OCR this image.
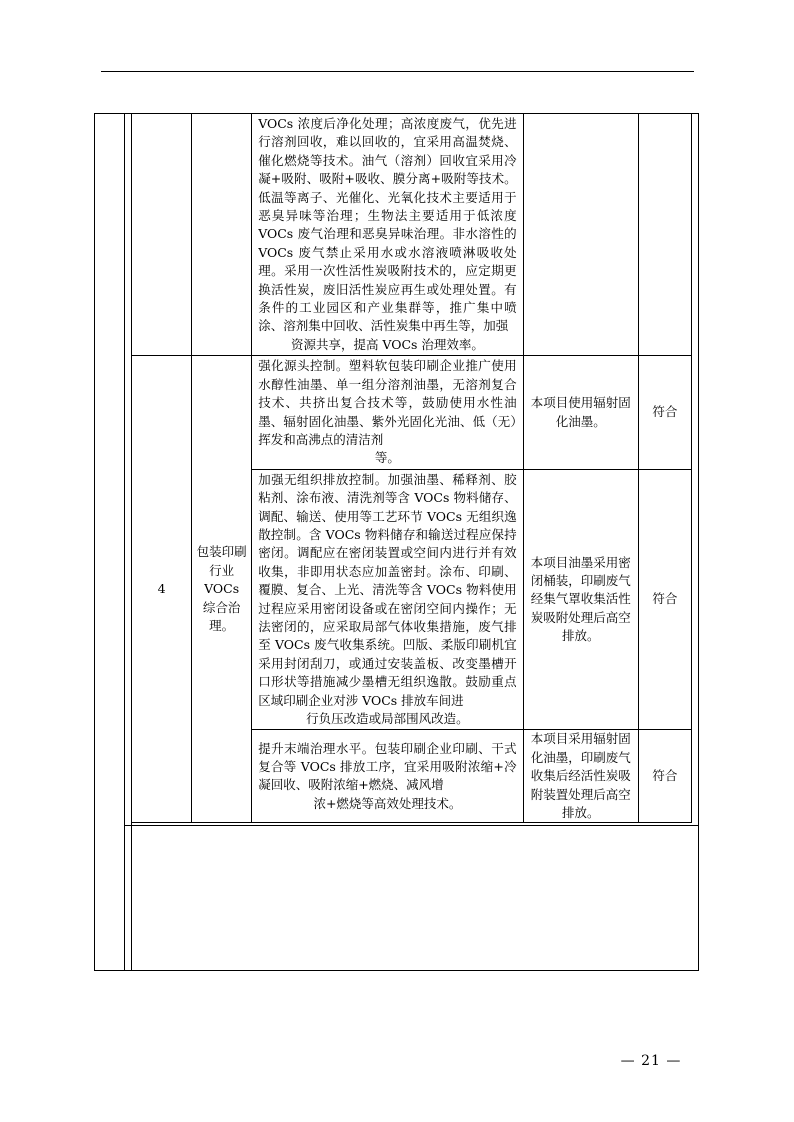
		VOCs 浓度后净化处理；高浓度废气，优先进行溶剂回收，难以回收的，宜采用高温焚烧、催化燃烧等技术。油气（溶剂）回收宜采用冷凝+吸附、吸附+吸收、膜分离+吸附等技术。低温等离子、光催化、光氧化技术主要适用于恶臭异味等治理；生物法主要适用于低浓度 VOCs 废气治理和恶臭异味治理。非水溶性的 VOCs 废气禁止采用水或水溶液喷淋吸收处理。采用一次性活性炭吸附技术的，应定期更换活性炭，废旧活性炭应再生或处理处置。有条件的工业园区和产业集群等，推广集中喷涂、溶剂集中回收、活性炭集中再生等，加强
资源共享，提高 VOCs 治理效率。		

4	包装印刷行业 VOCs 综合治理。	强化源头控制。塑料软包装印刷企业推广使用水醇性油墨、单一组分溶剂油墨，无溶剂复合技术、共挤出复合技术等，鼓励使用水性油墨、辐射固化油墨、紫外光固化光油、低（无）挥发和高沸点的清洁剂
等。	本项目使用辐射固化油墨。	符合
		加强无组织排放控制。加强油墨、稀释剂、胶粘剂、涂布液、清洗剂等含 VOCs 物料储存、调配、输送、使用等工艺环节 VOCs 无组织逸散控制。含 VOCs 物料储存和输送过程应保持密闭。调配应在密闭装置或空间内进行并有效收集，非即用状态应加盖密封。涂布、印刷、覆膜、复合、上光、清洗等含 VOCs 物料使用过程应采用密闭设备或在密闭空间内操作；无法密闭的，应采取局部气体收集措施，废气排至 VOCs 废气收集系统。凹版、柔版印刷机宜采用封闭刮刀，或通过安装盖板、改变墨槽开口形状等措施减少墨槽无组织逸散。鼓励重点区域印刷企业对涉 VOCs 排放车间进
行负压改造或局部围风改造。	本项目油墨采用密闭桶装，印刷废气经集气罩收集活性炭吸附处理后高空排放。	符合
		提升末端治理水平。包装印刷企业印刷、干式复合等 VOCs 排放工序，宜采用吸附浓缩+冷凝回收、吸附浓缩+燃烧、减风增
浓+燃烧等高效处理技术。	本项目采用辐射固化油墨，印刷废气收集后经活性炭吸附装置处理后高空排放。	符合
— 21 —
